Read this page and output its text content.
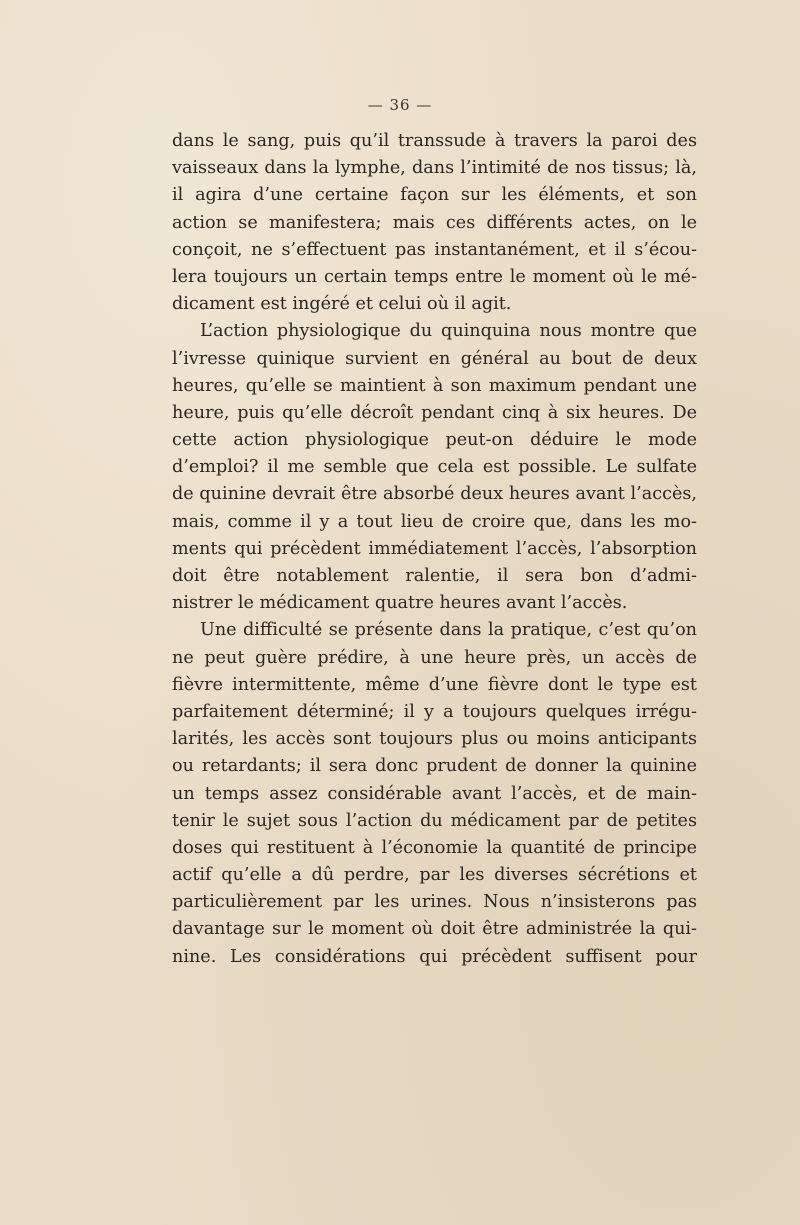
— 36 —
dans le sang, puis qu’il transsude à travers la paroi des
vaisseaux dans la lymphe, dans l’intimité de nos tissus; là,
il agira d’une certaine façon sur les éléments, et son
action se manifestera; mais ces différents actes, on le
conçoit, ne s’effectuent pas instantanément, et il s’écou-
lera toujours un certain temps entre le moment où le mé-
dicament est ingéré et celui où il agit.
L’action physiologique du quinquina nous montre que
l’ivresse quinique survient en général au bout de deux
heures, qu’elle se maintient à son maximum pendant une
heure, puis qu’elle décroît pendant cinq à six heures. De
cette action physiologique peut-on déduire le mode
d’emploi? il me semble que cela est possible. Le sulfate
de quinine devrait être absorbé deux heures avant l’accès,
mais, comme il y a tout lieu de croire que, dans les mo-
ments qui précèdent immédiatement l’accès, l’absorption
doit être notablement ralentie, il sera bon d’admi-
nistrer le médicament quatre heures avant l’accès.
Une difficulté se présente dans la pratique, c’est qu’on
ne peut guère prédire, à une heure près, un accès de
fièvre intermittente, même d’une fièvre dont le type est
parfaitement déterminé; il y a toujours quelques irrégu-
larités, les accès sont toujours plus ou moins anticipants
ou retardants; il sera donc prudent de donner la quinine
un temps assez considérable avant l’accès, et de main-
tenir le sujet sous l’action du médicament par de petites
doses qui restituent à l’économie la quantité de principe
actif qu’elle a dû perdre, par les diverses sécrétions et
particulièrement par les urines. Nous n’insisterons pas
davantage sur le moment où doit être administrée la qui-
nine. Les considérations qui précèdent suffisent pour
